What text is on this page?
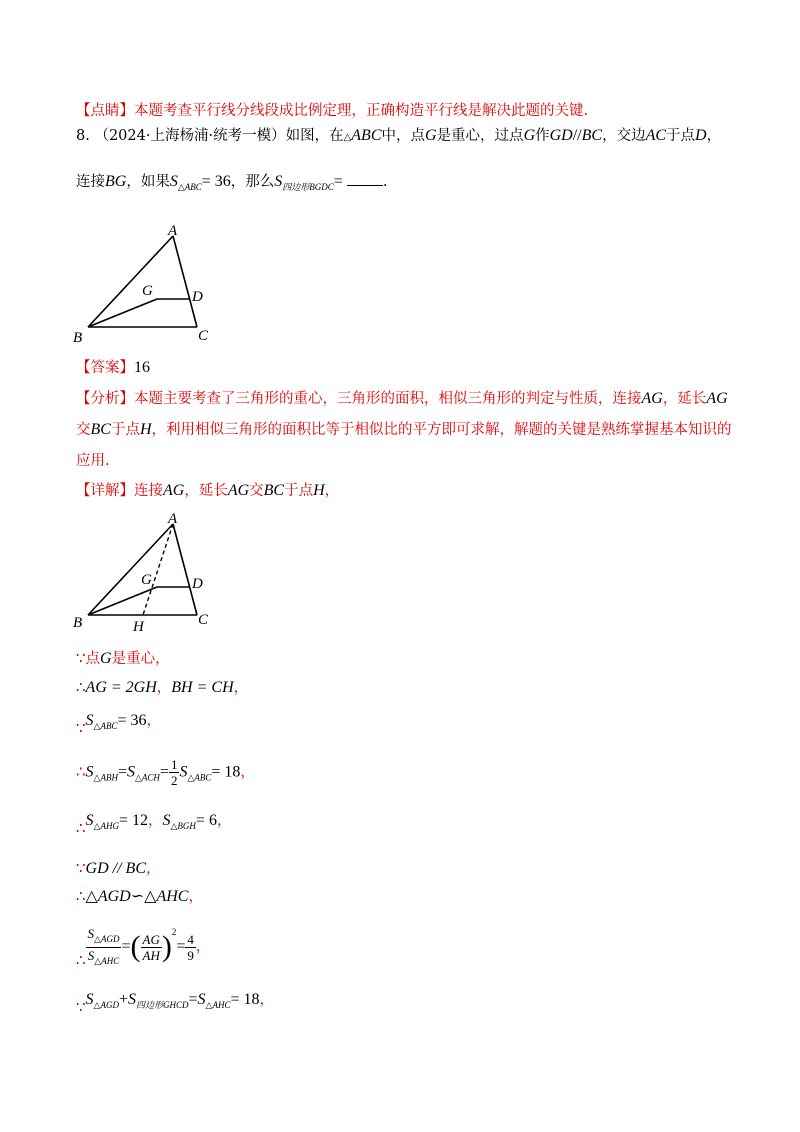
【点睛】本题考查平行线分线段成比例定理，正确构造平行线是解决此题的关键.
8. （2024·上海杨浦·统考一模）如图，在△ABC中，点G是重心，过点G作GD//BC，交边AC于点D，
连接BG，如果$S_{\triangle ABC}= 36$，那么$S_{四边形BGDC}=$	.
A
B	C
D
G
【答案】16
【分析】本题主要考查了三角形的重心，三角形的面积，相似三角形的判定与性质，连接AG，延长AG
交BC于点H，利用相似三角形的面积比等于相似比的平方即可求解，解题的关键是熟练掌握基本知识的
应用.
【详解】连接AG，延长AG交BC于点H，
A
B	C
D
G
H
∵点G是重心，
∴AG = 2GH，BH = CH，
$\because S_{\triangle ABC}= 36$，
$\therefore S_{\triangle ABH}=S_{\triangle ACH}= \frac{1}{2} S_{\triangle ABC}= 18$，
$\therefore S_{\triangle AHG}= 12$，$S_{\triangle BGH}= 6$，
∵GD // BC，
∴△AGD∽△AHC，
∴ $\frac{S_{\triangle AGD}}{S_{\triangle AHC}}$ =( $\frac{AG}{AH} )^2= \frac{4}{9}$ ，
$\because S_{\triangle AGD}+S_{四边形GHCD}=S_{\triangle AHC}= 18$，
